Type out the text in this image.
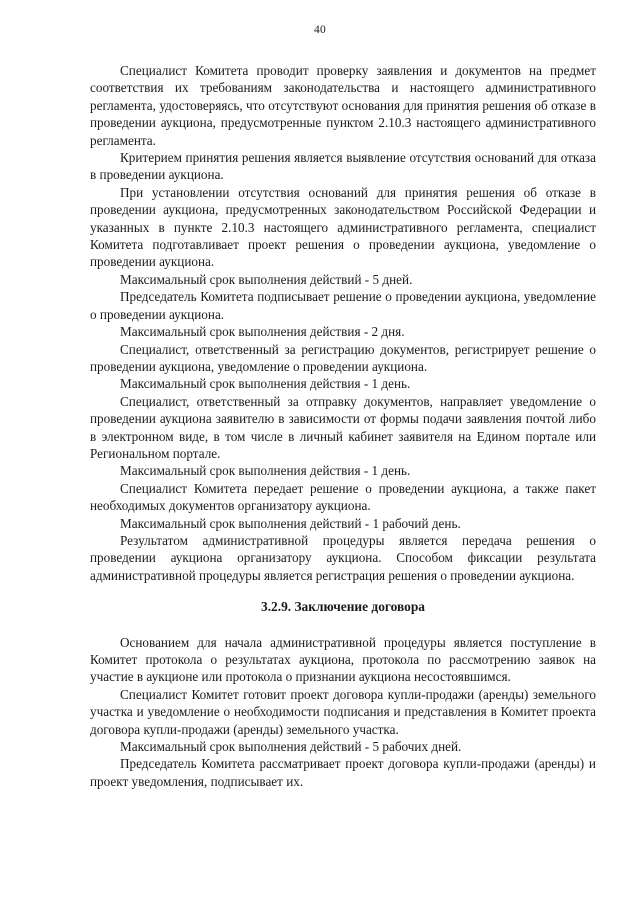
40

Специалист Комитета проводит проверку заявления и документов на предмет соответствия их требованиям законодательства и настоящего административного регламента, удостоверяясь, что отсутствуют основания для принятия решения об отказе в проведении аукциона, предусмотренные пунктом 2.10.3 настоящего административного регламента.

Критерием принятия решения является выявление отсутствия оснований для отказа в проведении аукциона.

При установлении отсутствия оснований для принятия решения об отказе в проведении аукциона, предусмотренных законодательством Российской Федерации и указанных в пункте 2.10.3 настоящего административного регламента, специалист Комитета подготавливает проект решения о проведении аукциона, уведомление о проведении аукциона.

Максимальный срок выполнения действий - 5 дней.

Председатель Комитета подписывает решение о проведении аукциона, уведомление о проведении аукциона.

Максимальный срок выполнения действия - 2 дня.

Специалист, ответственный за регистрацию документов, регистрирует решение о проведении аукциона, уведомление о проведении аукциона.

Максимальный срок выполнения действия - 1 день.

Специалист, ответственный за отправку документов, направляет уведомление о проведении аукциона заявителю в зависимости от формы подачи заявления почтой либо в электронном виде, в том числе в личный кабинет заявителя на Едином портале или Региональном портале.

Максимальный срок выполнения действия - 1 день.

Специалист Комитета передает решение о проведении аукциона, а также пакет необходимых документов организатору аукциона.

Максимальный срок выполнения действий - 1 рабочий день.

Результатом административной процедуры является передача решения о проведении аукциона организатору аукциона. Способом фиксации результата административной процедуры является регистрация решения о проведении аукциона.

3.2.9. Заключение договора

Основанием для начала административной процедуры является поступление в Комитет протокола о результатах аукциона, протокола по рассмотрению заявок на участие в аукционе или протокола о признании аукциона несостоявшимся.

Специалист Комитет готовит проект договора купли-продажи (аренды) земельного участка и уведомление о необходимости подписания и представления в Комитет проекта договора купли-продажи (аренды) земельного участка.

Максимальный срок выполнения действий - 5 рабочих дней.

Председатель Комитета рассматривает проект договора купли-продажи (аренды) и проект уведомления, подписывает их.
